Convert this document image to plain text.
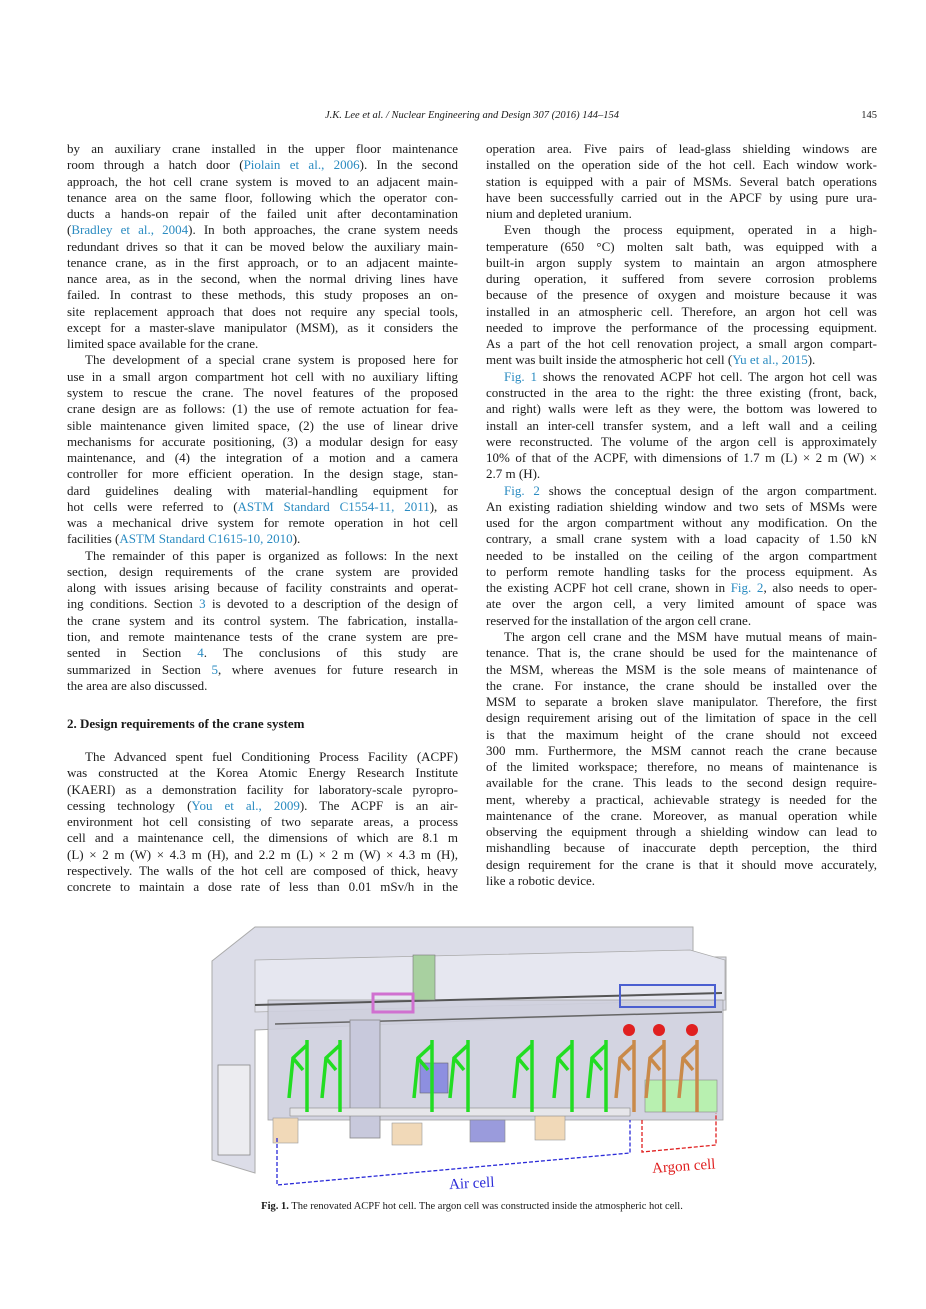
J.K. Lee et al. / Nuclear Engineering and Design 307 (2016) 144–154	145
by an auxiliary crane installed in the upper floor maintenance
room through a hatch door (Piolain et al., 2006). In the second
approach, the hot cell crane system is moved to an adjacent main-
tenance area on the same floor, following which the operator con-
ducts a hands-on repair of the failed unit after decontamination
(Bradley et al., 2004). In both approaches, the crane system needs
redundant drives so that it can be moved below the auxiliary main-
tenance crane, as in the first approach, or to an adjacent mainte-
nance area, as in the second, when the normal driving lines have
failed. In contrast to these methods, this study proposes an on-
site replacement approach that does not require any special tools,
except for a master-slave manipulator (MSM), as it considers the
limited space available for the crane.
The development of a special crane system is proposed here for
use in a small argon compartment hot cell with no auxiliary lifting
system to rescue the crane. The novel features of the proposed
crane design are as follows: (1) the use of remote actuation for fea-
sible maintenance given limited space, (2) the use of linear drive
mechanisms for accurate positioning, (3) a modular design for easy
maintenance, and (4) the integration of a motion and a camera
controller for more efficient operation. In the design stage, stan-
dard guidelines dealing with material-handling equipment for
hot cells were referred to (ASTM Standard C1554-11, 2011), as
was a mechanical drive system for remote operation in hot cell
facilities (ASTM Standard C1615-10, 2010).
The remainder of this paper is organized as follows: In the next
section, design requirements of the crane system are provided
along with issues arising because of facility constraints and operat-
ing conditions. Section 3 is devoted to a description of the design of
the crane system and its control system. The fabrication, installa-
tion, and remote maintenance tests of the crane system are pre-
sented in Section 4. The conclusions of this study are
summarized in Section 5, where avenues for future research in
the area are also discussed.
2. Design requirements of the crane system
The Advanced spent fuel Conditioning Process Facility (ACPF)
was constructed at the Korea Atomic Energy Research Institute
(KAERI) as a demonstration facility for laboratory-scale pyropro-
cessing technology (You et al., 2009). The ACPF is an air-
environment hot cell consisting of two separate areas, a process
cell and a maintenance cell, the dimensions of which are 8.1 m
(L) × 2 m (W) × 4.3 m (H), and 2.2 m (L) × 2 m (W) × 4.3 m (H),
respectively. The walls of the hot cell are composed of thick, heavy
concrete to maintain a dose rate of less than 0.01 mSv/h in the
operation area. Five pairs of lead-glass shielding windows are
installed on the operation side of the hot cell. Each window work-
station is equipped with a pair of MSMs. Several batch operations
have been successfully carried out in the APCF by using pure ura-
nium and depleted uranium.
Even though the process equipment, operated in a high-
temperature (650 °C) molten salt bath, was equipped with a
built-in argon supply system to maintain an argon atmosphere
during operation, it suffered from severe corrosion problems
because of the presence of oxygen and moisture because it was
installed in an atmospheric cell. Therefore, an argon hot cell was
needed to improve the performance of the processing equipment.
As a part of the hot cell renovation project, a small argon compart-
ment was built inside the atmospheric hot cell (Yu et al., 2015).
Fig. 1 shows the renovated ACPF hot cell. The argon hot cell was
constructed in the area to the right: the three existing (front, back,
and right) walls were left as they were, the bottom was lowered to
install an inter-cell transfer system, and a left wall and a ceiling
were reconstructed. The volume of the argon cell is approximately
10% of that of the ACPF, with dimensions of 1.7 m (L) × 2 m (W) ×
2.7 m (H).
Fig. 2 shows the conceptual design of the argon compartment.
An existing radiation shielding window and two sets of MSMs were
used for the argon compartment without any modification. On the
contrary, a small crane system with a load capacity of 1.50 kN
needed to be installed on the ceiling of the argon compartment
to perform remote handling tasks for the process equipment. As
the existing ACPF hot cell crane, shown in Fig. 2, also needs to oper-
ate over the argon cell, a very limited amount of space was
reserved for the installation of the argon cell crane.
The argon cell crane and the MSM have mutual means of main-
tenance. That is, the crane should be used for the maintenance of
the MSM, whereas the MSM is the sole means of maintenance of
the crane. For instance, the crane should be installed over the
MSM to separate a broken slave manipulator. Therefore, the first
design requirement arising out of the limitation of space in the cell
is that the maximum height of the crane should not exceed
300 mm. Furthermore, the MSM cannot reach the crane because
of the limited workspace; therefore, no means of maintenance is
available for the crane. This leads to the second design require-
ment, whereby a practical, achievable strategy is needed for the
maintenance of the crane. Moreover, as manual operation while
observing the equipment through a shielding window can lead to
mishandling because of inaccurate depth perception, the third
design requirement for the crane is that it should move accurately,
like a robotic device.
Air cell
Argon cell
Fig. 1. The renovated ACPF hot cell. The argon cell was constructed inside the atmospheric hot cell.
